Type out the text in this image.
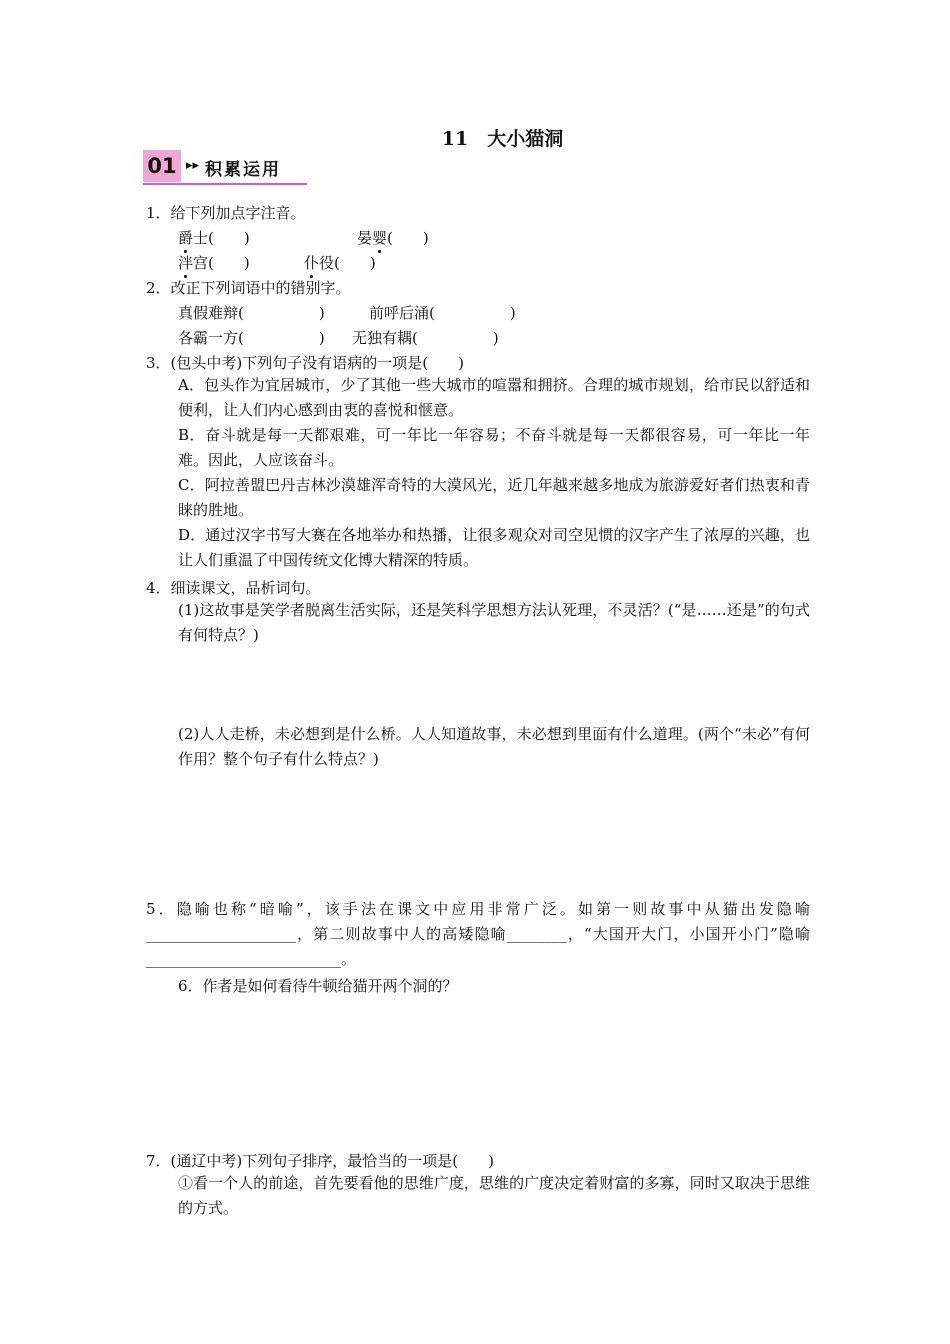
11　大小猫洞
01 ▸▸ 积累运用
1．给下列加点字注音。
爵士(　　)	晏婴(　　)
泮宫(　　)	仆役(　　)
2．改正下列词语中的错别字。
真假难辩(　　　　　)	前呼后涌(　　　　　)
各霸一方(　　　　　) 无独有耦(　　　　　)
3．(包头中考)下列句子没有语病的一项是(　　)
A．包头作为宜居城市，少了其他一些大城市的喧嚣和拥挤。合理的城市规划，给市民以舒适和便利，让人们内心感到由衷的喜悦和惬意。
B．奋斗就是每一天都艰难，可一年比一年容易；不奋斗就是每一天都很容易，可一年比一年难。因此，人应该奋斗。
C．阿拉善盟巴丹吉林沙漠雄浑奇特的大漠风光，近几年越来越多地成为旅游爱好者们热衷和青睐的胜地。
D．通过汉字书写大赛在各地举办和热播，让很多观众对司空见惯的汉字产生了浓厚的兴趣，也让人们重温了中国传统文化博大精深的特质。
4．细读课文，品析词句。
(1)这故事是笑学者脱离生活实际，还是笑科学思想方法认死理，不灵活？(“是……还是”的句式有何特点？)
(2)人人走桥，未必想到是什么桥。人人知道故事，未必想到里面有什么道理。(两个“未必”有何作用？整个句子有什么特点？)
5．隐喻也称“暗喻”，该手法在课文中应用非常广泛。如第一则故事中从猫出发隐喻____________________，第二则故事中人的高矮隐喻________，“大国开大门，小国开小门”隐喻__________________________。
6．作者是如何看待牛顿给猫开两个洞的？
7．(通辽中考)下列句子排序，最恰当的一项是(　　)
①看一个人的前途，首先要看他的思维广度，思维的广度决定着财富的多寡，同时又取决于思维的方式。
